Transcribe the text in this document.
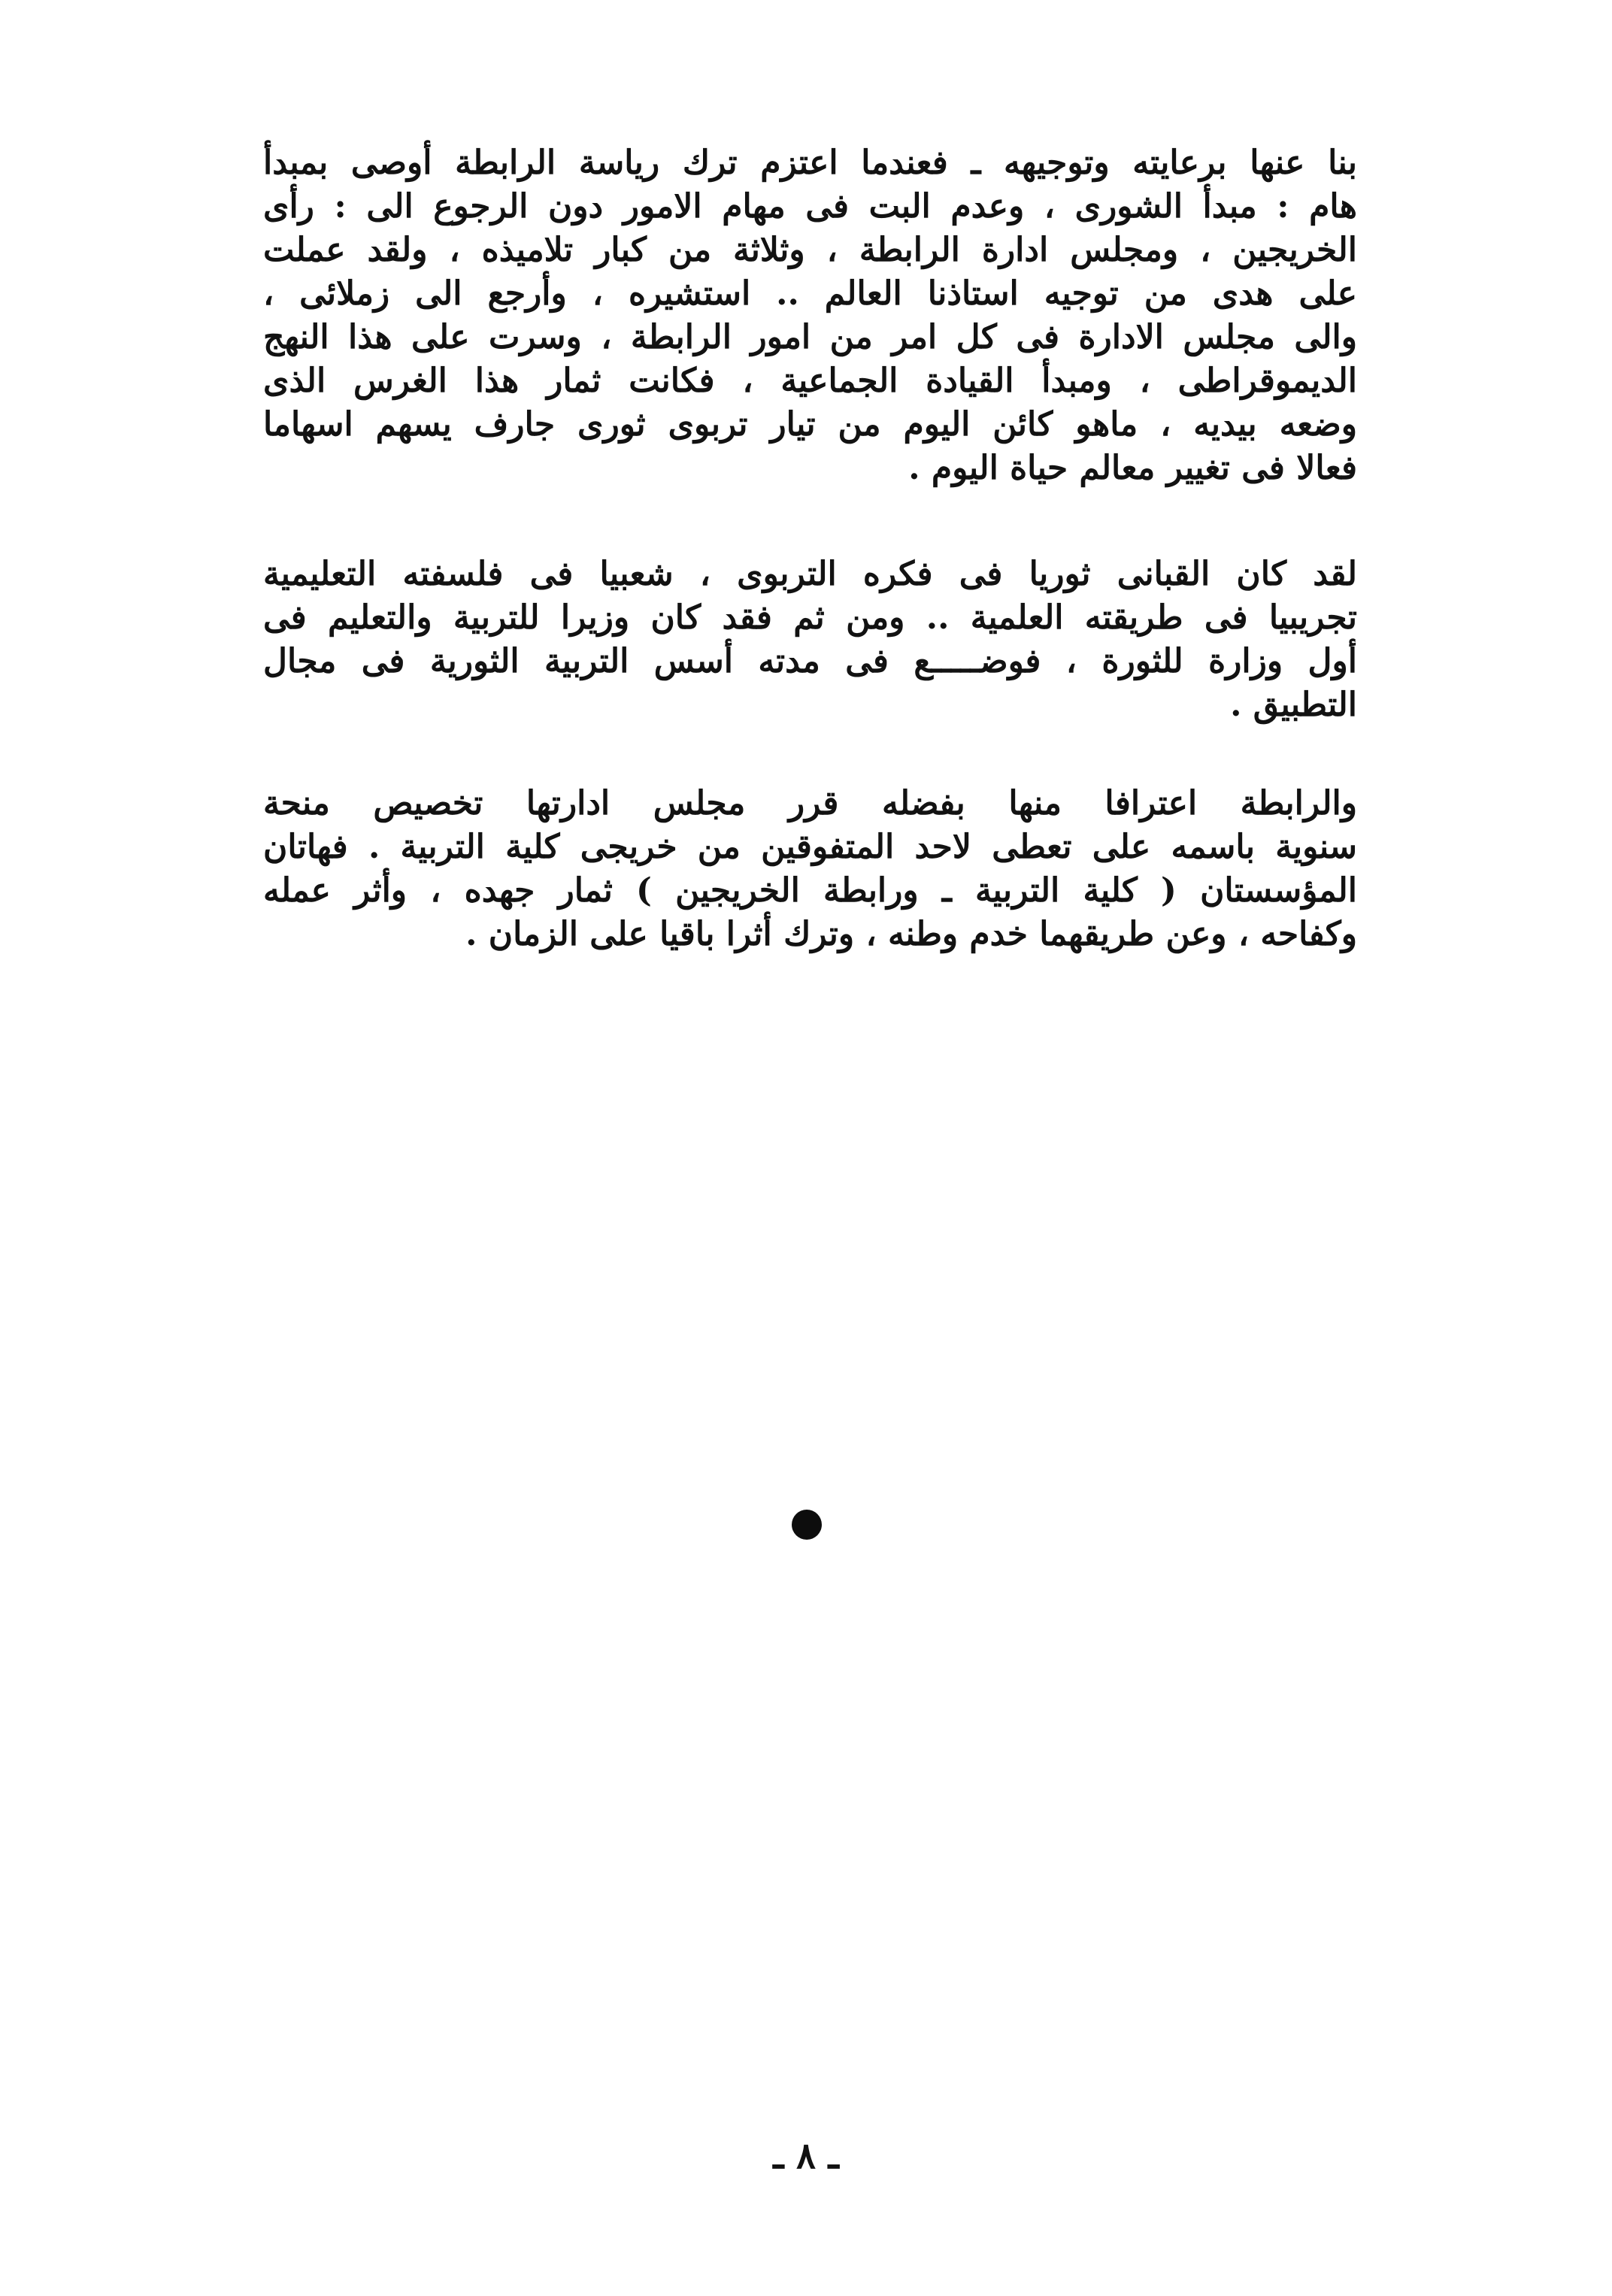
بنا عنها برعايته وتوجيهه ـ فعندما اعتزم ترك رياسة الرابطة أوصى بمبدأ
هام : مبدأ الشورى ، وعدم البت فى مهام الامور دون الرجوع الى : رأى
الخريجين ، ومجلس ادارة الرابطة ، وثلاثة من كبار تلاميذه ، ولقد عملت
على هدى من توجيه استاذنا العالم .. استشيره ، وأرجع الى زملائى ،
والى مجلس الادارة فى كل امر من امور الرابطة ، وسرت على هذا النهج
الديموقراطى ، ومبدأ القيادة الجماعية ، فكانت ثمار هذا الغرس الذى
وضعه بيديه ، ماهو كائن اليوم من تيار تربوى ثورى جارف يسهم اسهاما
فعالا فى تغيير معالم حياة اليوم .
لقد كان القبانى ثوريا فى فكره التربوى ، شعبيا فى فلسفته التعليمية
تجريبيا فى طريقته العلمية .. ومن ثم فقد كان وزيرا للتربية والتعليم فى
أول وزارة للثورة ، فوضـــــع فى مدته أسس التربية الثورية فى مجال
التطبيق .
والرابطة اعترافا منها بفضله قرر مجلس ادارتها تخصيص منحة
سنوية باسمه على تعطى لاحد المتفوقين من خريجى كلية التربية . فهاتان
المؤسستان ( كلية التربية ـ ورابطة الخريجين ) ثمار جهده ، وأثر عمله
وكفاحه ، وعن طريقهما خدم وطنه ، وترك أثرا باقيا على الزمان .
ـ ٨ ـ
